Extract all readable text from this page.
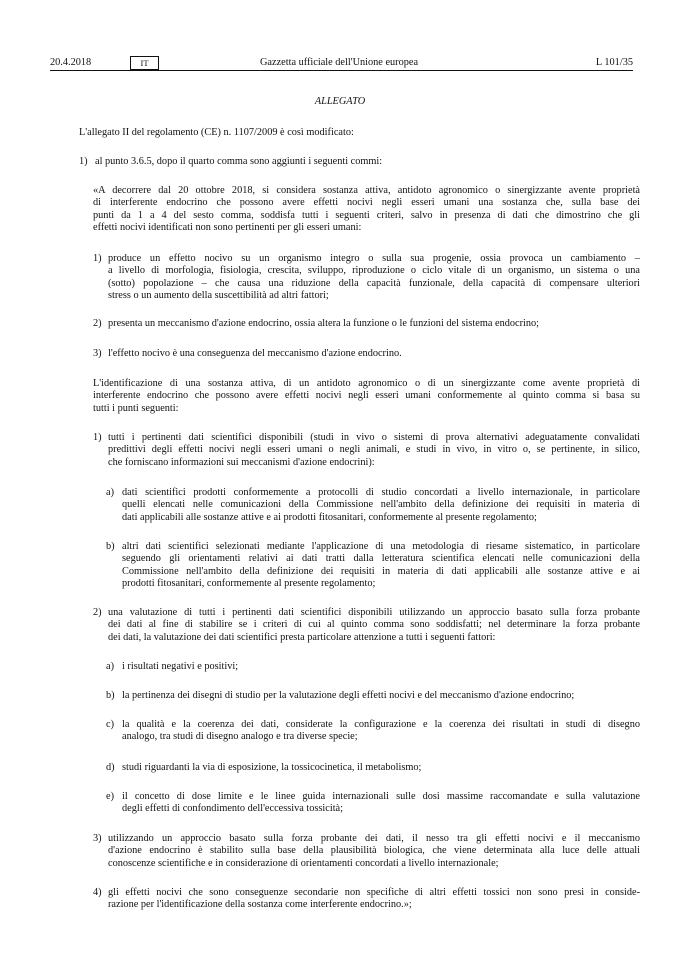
20.4.2018	IT	Gazzetta ufficiale dell'Unione europea	L 101/35
ALLEGATO
L'allegato II del regolamento (CE) n. 1107/2009 è così modificato:
1) al punto 3.6.5, dopo il quarto comma sono aggiunti i seguenti commi:
«A decorrere dal 20 ottobre 2018, si considera sostanza attiva, antidoto agronomico o sinergizzante avente proprietà
di interferente endocrino che possono avere effetti nocivi negli esseri umani una sostanza che, sulla base dei
punti da 1 a 4 del sesto comma, soddisfa tutti i seguenti criteri, salvo in presenza di dati che dimostrino che gli
effetti nocivi identificati non sono pertinenti per gli esseri umani:
1) produce un effetto nocivo su un organismo integro o sulla sua progenie, ossia provoca un cambiamento –
a livello di morfologia, fisiologia, crescita, sviluppo, riproduzione o ciclo vitale di un organismo, un sistema o una
(sotto) popolazione – che causa una riduzione della capacità funzionale, della capacità di compensare ulteriori
stress o un aumento della suscettibilità ad altri fattori;
2) presenta un meccanismo d'azione endocrino, ossia altera la funzione o le funzioni del sistema endocrino;
3) l'effetto nocivo è una conseguenza del meccanismo d'azione endocrino.
L'identificazione di una sostanza attiva, di un antidoto agronomico o di un sinergizzante come avente proprietà di
interferente endocrino che possono avere effetti nocivi negli esseri umani conformemente al quinto comma si basa su
tutti i punti seguenti:
1) tutti i pertinenti dati scientifici disponibili (studi in vivo o sistemi di prova alternativi adeguatamente convalidati
predittivi degli effetti nocivi negli esseri umani o negli animali, e studi in vivo, in vitro o, se pertinente, in silico,
che forniscano informazioni sui meccanismi d'azione endocrini):
a) dati scientifici prodotti conformemente a protocolli di studio concordati a livello internazionale, in particolare
quelli elencati nelle comunicazioni della Commissione nell'ambito della definizione dei requisiti in materia di
dati applicabili alle sostanze attive e ai prodotti fitosanitari, conformemente al presente regolamento;
b) altri dati scientifici selezionati mediante l'applicazione di una metodologia di riesame sistematico, in particolare
seguendo gli orientamenti relativi ai dati tratti dalla letteratura scientifica elencati nelle comunicazioni della
Commissione nell'ambito della definizione dei requisiti in materia di dati applicabili alle sostanze attive e ai
prodotti fitosanitari, conformemente al presente regolamento;
2) una valutazione di tutti i pertinenti dati scientifici disponibili utilizzando un approccio basato sulla forza probante
dei dati al fine di stabilire se i criteri di cui al quinto comma sono soddisfatti; nel determinare la forza probante
dei dati, la valutazione dei dati scientifici presta particolare attenzione a tutti i seguenti fattori:
a) i risultati negativi e positivi;
b) la pertinenza dei disegni di studio per la valutazione degli effetti nocivi e del meccanismo d'azione endocrino;
c) la qualità e la coerenza dei dati, considerate la configurazione e la coerenza dei risultati in studi di disegno
analogo, tra studi di disegno analogo e tra diverse specie;
d) studi riguardanti la via di esposizione, la tossicocinetica, il metabolismo;
e) il concetto di dose limite e le linee guida internazionali sulle dosi massime raccomandate e sulla valutazione
degli effetti di confondimento dell'eccessiva tossicità;
3) utilizzando un approccio basato sulla forza probante dei dati, il nesso tra gli effetti nocivi e il meccanismo
d'azione endocrino è stabilito sulla base della plausibilità biologica, che viene determinata alla luce delle attuali
conoscenze scientifiche e in considerazione di orientamenti concordati a livello internazionale;
4) gli effetti nocivi che sono conseguenze secondarie non specifiche di altri effetti tossici non sono presi in conside-
razione per l'identificazione della sostanza come interferente endocrino.»;
